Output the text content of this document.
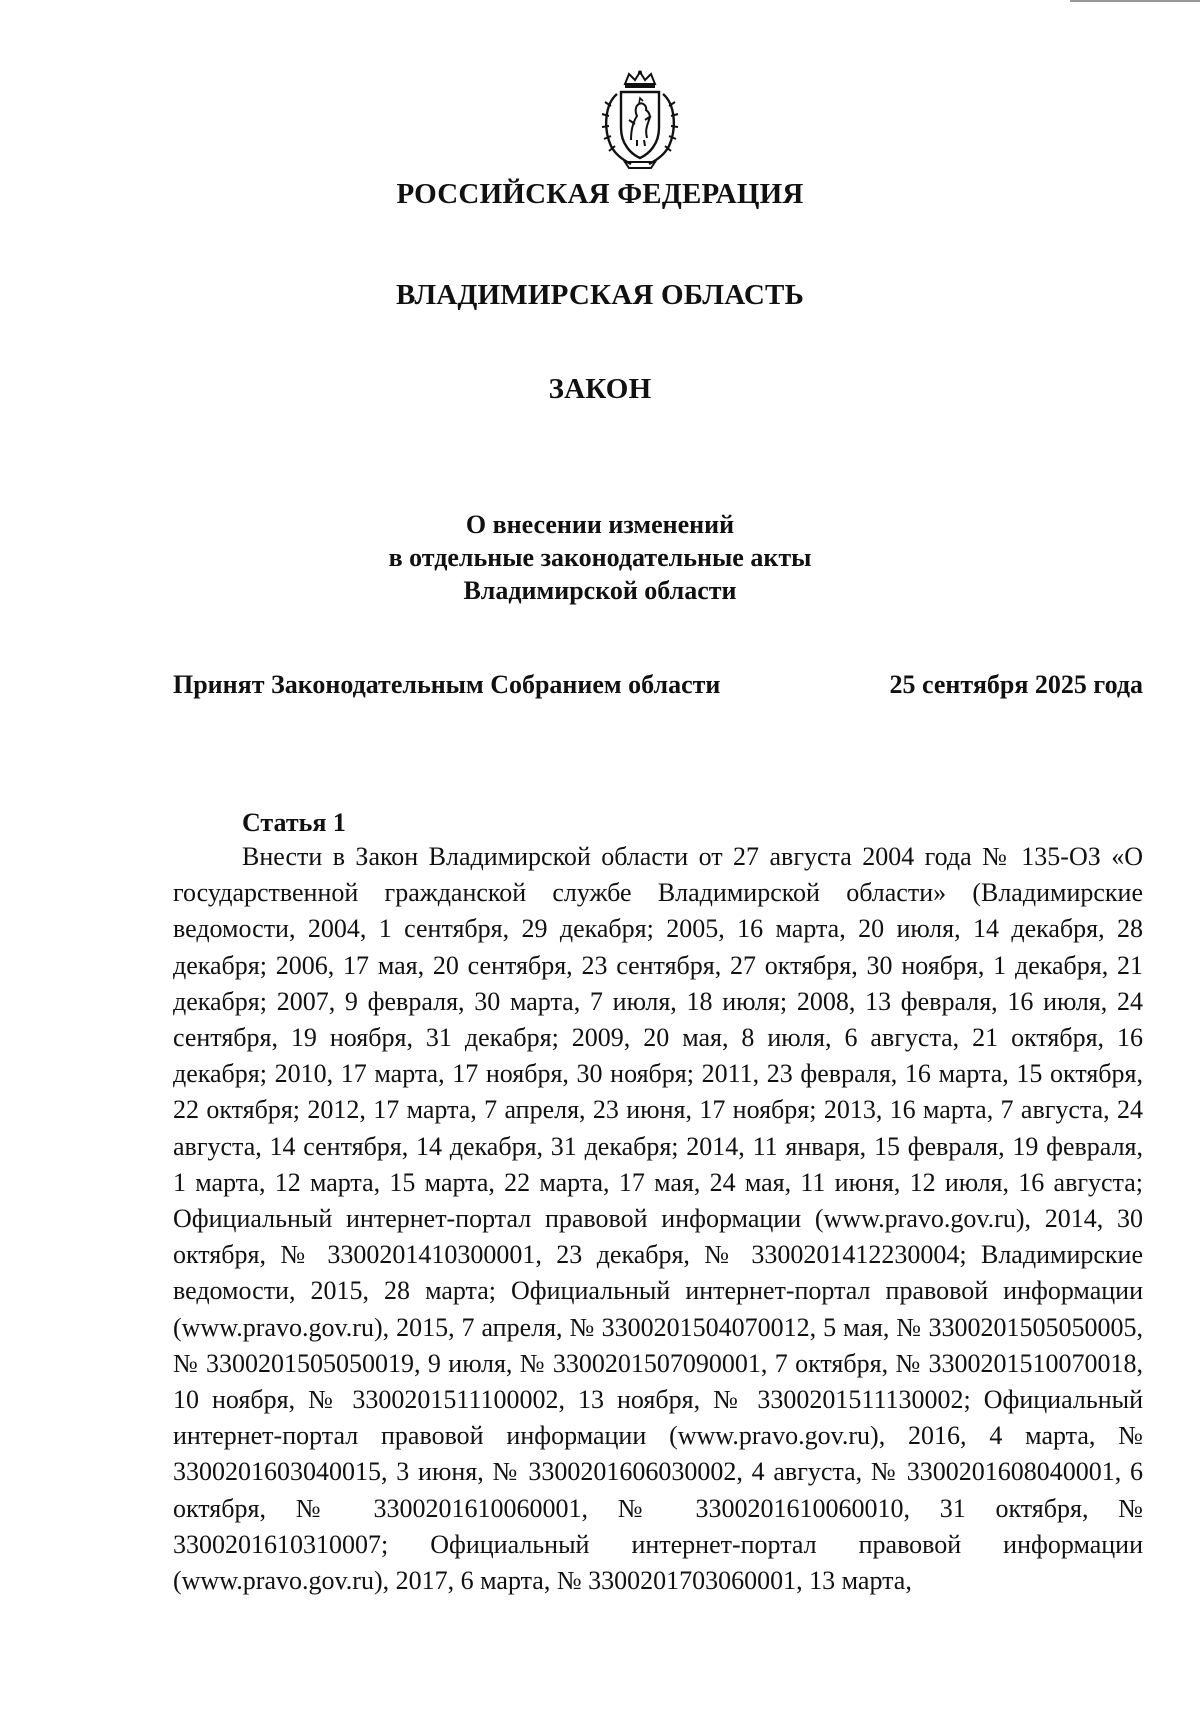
РОССИЙСКАЯ ФЕДЕРАЦИЯ
ВЛАДИМИРСКАЯ ОБЛАСТЬ
ЗАКОН
О внесении изменений
в отдельные законодательные акты
Владимирской области
Принят Законодательным Собранием области	25 сентября 2025 года
Статья 1
Внести в Закон Владимирской области от 27 августа 2004 года № 135-ОЗ «О государственной гражданской службе Владимирской области» (Владимирские ведомости, 2004, 1 сентября, 29 декабря; 2005, 16 марта, 20 июля, 14 декабря, 28 декабря; 2006, 17 мая, 20 сентября, 23 сентября, 27 октября, 30 ноября, 1 декабря, 21 декабря; 2007, 9 февраля, 30 марта, 7 июля, 18 июля; 2008, 13 февраля, 16 июля, 24 сентября, 19 ноября, 31 декабря; 2009, 20 мая, 8 июля, 6 августа, 21 октября, 16 декабря; 2010, 17 марта, 17 ноября, 30 ноября; 2011, 23 февраля, 16 марта, 15 октября, 22 октября; 2012, 17 марта, 7 апреля, 23 июня, 17 ноября; 2013, 16 марта, 7 августа, 24 августа, 14 сентября, 14 декабря, 31 декабря; 2014, 11 января, 15 февраля, 19 февраля, 1 марта, 12 марта, 15 марта, 22 марта, 17 мая, 24 мая, 11 июня, 12 июля, 16 августа; Официальный интернет-портал правовой информации (www.pravo.gov.ru), 2014, 30 октября, № 3300201410300001, 23 декабря, № 3300201412230004; Владимирские ведомости, 2015, 28 марта; Официальный интернет-портал правовой информации (www.pravo.gov.ru), 2015, 7 апреля, № 3300201504070012, 5 мая, № 3300201505050005, № 3300201505050019, 9 июля, № 3300201507090001, 7 октября, № 3300201510070018, 10 ноября, № 3300201511100002, 13 ноября, № 3300201511130002; Официальный интернет-портал правовой информации (www.pravo.gov.ru), 2016, 4 марта, № 3300201603040015, 3 июня, № 3300201606030002, 4 августа, № 3300201608040001, 6 октября, № 3300201610060001, № 3300201610060010, 31 октября, № 3300201610310007; Официальный интернет-портал правовой информации (www.pravo.gov.ru), 2017, 6 марта, № 3300201703060001, 13 марта,
